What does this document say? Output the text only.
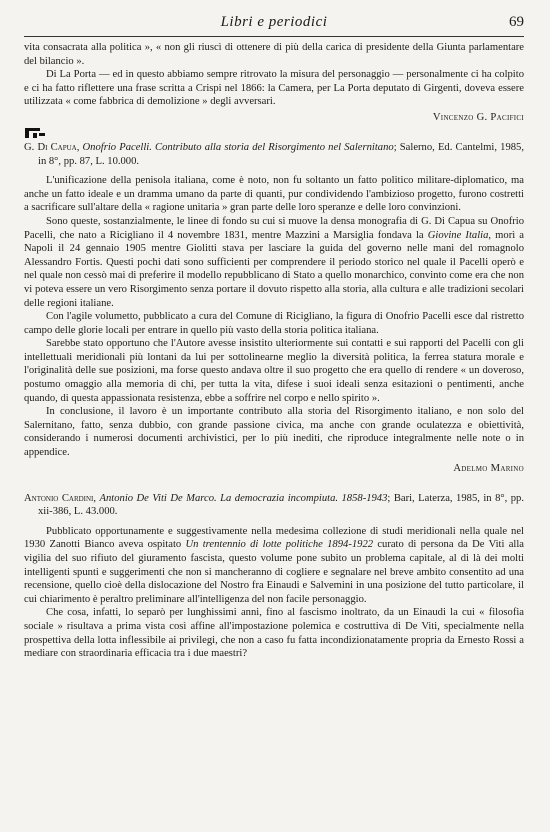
Libri e periodici	69

vita consacrata alla politica », « non gli riuscì di ottenere di più della carica di presidente della Giunta parlamentare del bilancio ».

Di La Porta — ed in questo abbiamo sempre ritrovato la misura del personaggio — personalmente ci ha colpito e ci ha fatto riflettere una frase scritta a Crispi nel 1866: la Camera, per La Porta deputato di Girgenti, doveva essere utilizzata « come fabbrica di demolizione » degli avversari.

Vincenzo G. Pacifici
G. Di Capua, Onofrio Pacelli. Contributo alla storia del Risorgimento nel Salernitano; Salerno, Ed. Cantelmi, 1985, in 8°, pp. 87, L. 10.000.

L'unificazione della penisola italiana, come è noto, non fu soltanto un fatto politico militare-diplomatico, ma anche un fatto ideale e un dramma umano da parte di quanti, pur condividendo l'ambizioso progetto, furono costretti a sacrificare sull'altare della « ragione unitaria » gran parte delle loro speranze e delle loro convinzioni.

Sono queste, sostanzialmente, le linee di fondo su cui si muove la densa monografia di G. Di Capua su Onofrio Pacelli, che nato a Ricigliano il 4 novembre 1831, mentre Mazzini a Marsiglia fondava la Giovine Italia, morì a Napoli il 24 gennaio 1905 mentre Giolitti stava per lasciare la guida del governo nelle mani del romagnolo Alessandro Fortis. Questi pochi dati sono sufficienti per comprendere il periodo storico nel quale il Pacelli operò e nel quale non cessò mai di preferire il modello repubblicano di Stato a quello monarchico, convinto come era che non vi poteva essere un vero Risorgimento senza portare il dovuto rispetto alla storia, alla cultura e alle tradizioni secolari delle regioni italiane.

Con l'agile volumetto, pubblicato a cura del Comune di Ricigliano, la figura di Onofrio Pacelli esce dal ristretto campo delle glorie locali per entrare in quello più vasto della storia politica italiana.

Sarebbe stato opportuno che l'Autore avesse insistito ulteriormente sui contatti e sui rapporti del Pacelli con gli intellettuali meridionali più lontani da lui per sottolinearne meglio la diversità politica, la ferrea statura morale e l'originalità delle sue posizioni, ma forse questo andava oltre il suo progetto che era quello di rendere « un doveroso, postumo omaggio alla memoria di chi, per tutta la vita, difese i suoi ideali senza esitazioni o pentimenti, anche quando, di questa appassionata resistenza, ebbe a soffrire nel corpo e nello spirito ».

In conclusione, il lavoro è un importante contributo alla storia del Risorgimento italiano, e non solo del Salernitano, fatto, senza dubbio, con grande passione civica, ma anche con grande oculatezza e obiettività, considerando i numerosi documenti archivistici, per lo più inediti, che riproduce integralmente nelle note o in appendice.

Adelmo Marino
Antonio Cardini, Antonio De Viti De Marco. La democrazia incompiuta. 1858-1943; Bari, Laterza, 1985, in 8°, pp. xii-386, L. 43.000.

Pubblicato opportunamente e suggestivamente nella medesima collezione di studi meridionali nella quale nel 1930 Zanotti Bianco aveva ospitato Un trentennio di lotte politiche 1894-1922 curato di persona da De Viti alla vigilia del suo rifiuto del giuramento fascista, questo volume pone subito un problema capitale, al di là dei molti intelligenti spunti e suggerimenti che non si mancheranno di cogliere e segnalare nel breve ambito consentito ad una recensione, quello cioè della dislocazione del Nostro fra Einaudi e Salvemini in una posizione del tutto particolare, il cui chiarimento è peraltro preliminare all'intelligenza del non facile personaggio.

Che cosa, infatti, lo separò per lunghissimi anni, fino al fascismo inoltrato, da un Einaudi la cui « filosofia sociale » risultava a prima vista così affine all'impostazione polemica e costruttiva di De Viti, specialmente nella prospettiva della lotta inflessibile ai privilegi, che non a caso fu fatta incondizionatamente propria da Ernesto Rossi a mediare con straordinaria efficacia tra i due maestri?
